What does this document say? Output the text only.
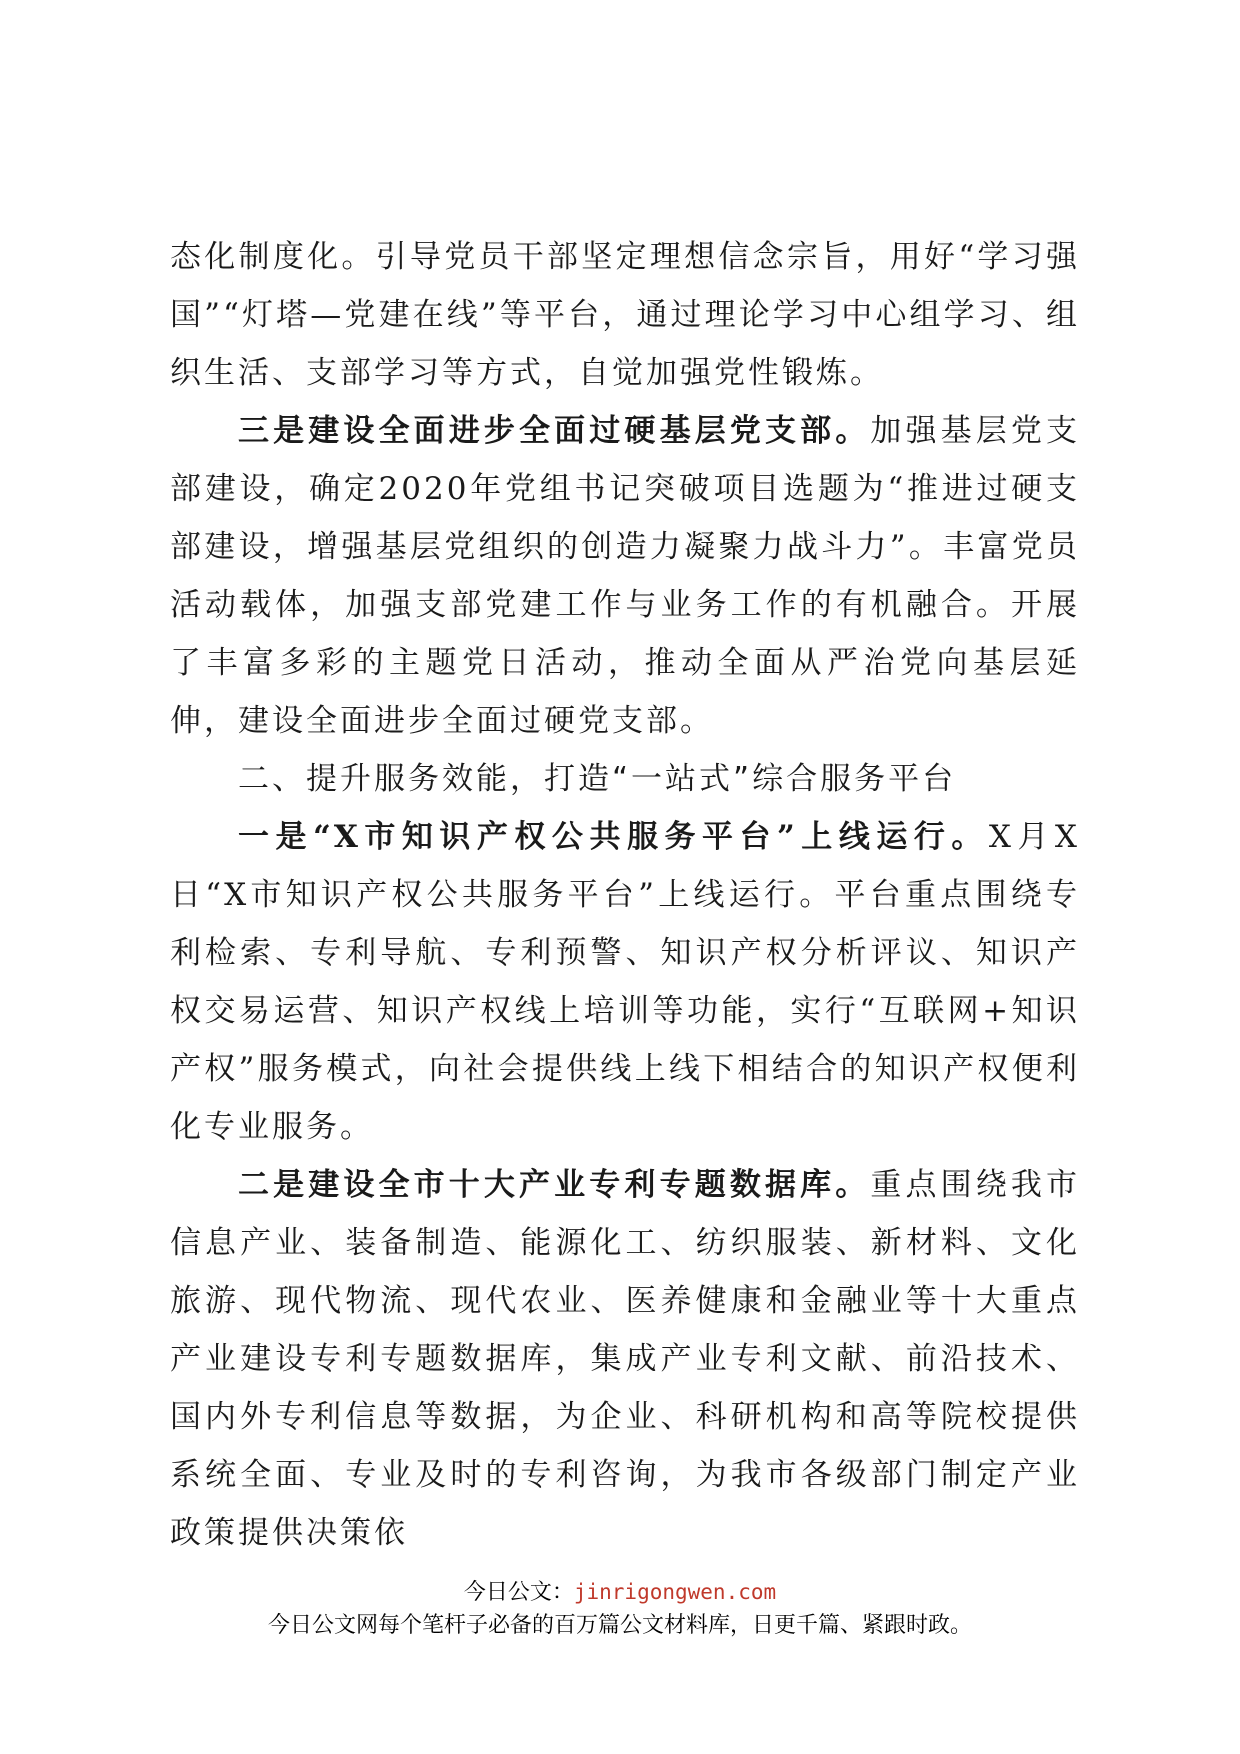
态化制度化。引导党员干部坚定理想信念宗旨，用好“学习强国”“灯塔—党建在线”等平台，通过理论学习中心组学习、组织生活、支部学习等方式，自觉加强党性锻炼。

三是建设全面进步全面过硬基层党支部。加强基层党支部建设，确定2020年党组书记突破项目选题为“推进过硬支部建设，增强基层党组织的创造力凝聚力战斗力”。丰富党员活动载体，加强支部党建工作与业务工作的有机融合。开展了丰富多彩的主题党日活动，推动全面从严治党向基层延伸，建设全面进步全面过硬党支部。

二、提升服务效能，打造“一站式”综合服务平台

一是“X市知识产权公共服务平台”上线运行。X月X日“X市知识产权公共服务平台”上线运行。平台重点围绕专利检索、专利导航、专利预警、知识产权分析评议、知识产权交易运营、知识产权线上培训等功能，实行“互联网+知识产权”服务模式，向社会提供线上线下相结合的知识产权便利化专业服务。

二是建设全市十大产业专利专题数据库。重点围绕我市信息产业、装备制造、能源化工、纺织服装、新材料、文化旅游、现代物流、现代农业、医养健康和金融业等十大重点产业建设专利专题数据库，集成产业专利文献、前沿技术、国内外专利信息等数据，为企业、科研机构和高等院校提供系统全面、专业及时的专利咨询，为我市各级部门制定产业政策提供决策依

今日公文：jinrigongwen.com
今日公文网每个笔杆子必备的百万篇公文材料库，日更千篇、紧跟时政。
